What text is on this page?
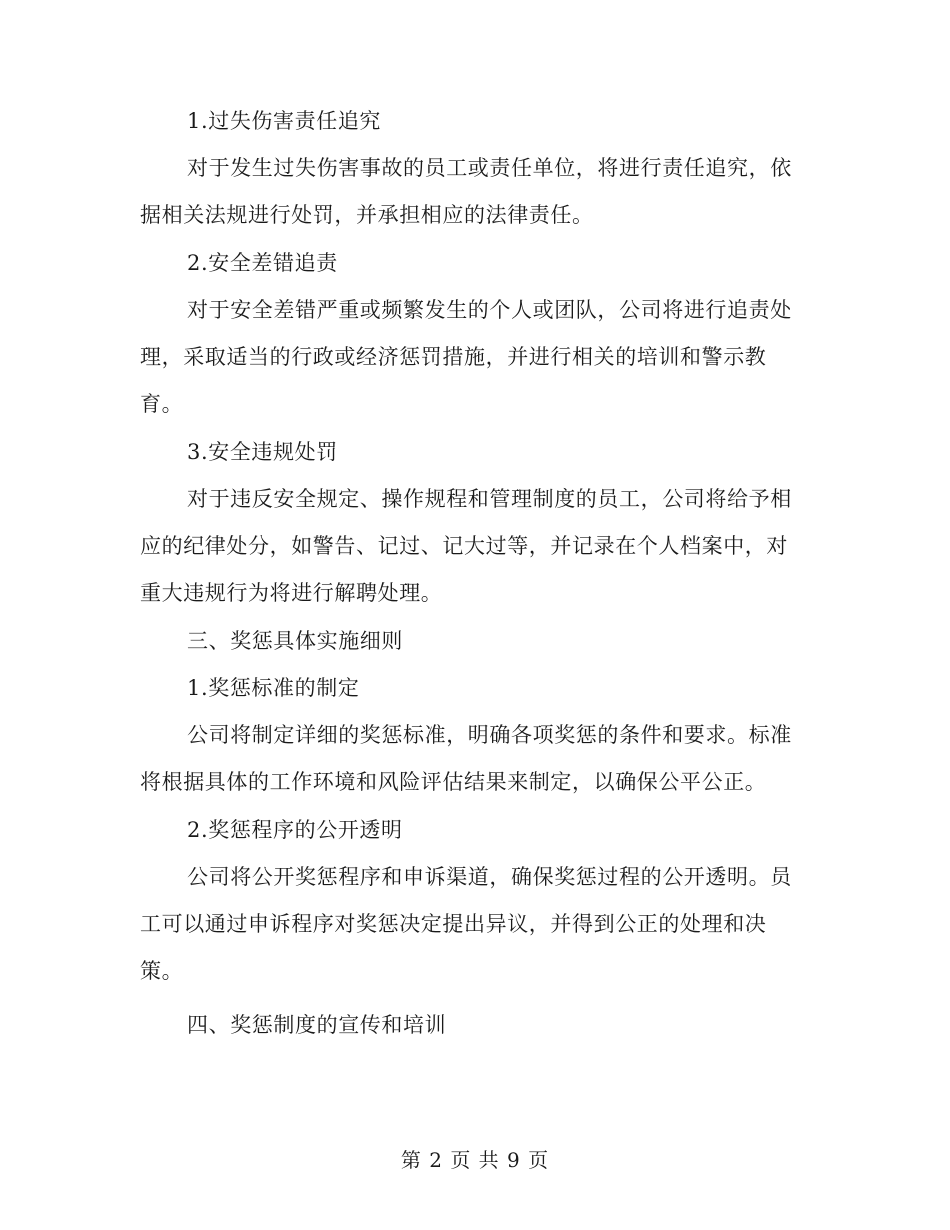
1.过失伤害责任追究
对于发生过失伤害事故的员工或责任单位，将进行责任追究，依
据相关法规进行处罚，并承担相应的法律责任。
2.安全差错追责
对于安全差错严重或频繁发生的个人或团队，公司将进行追责处
理，采取适当的行政或经济惩罚措施，并进行相关的培训和警示教
育。
3.安全违规处罚
对于违反安全规定、操作规程和管理制度的员工，公司将给予相
应的纪律处分，如警告、记过、记大过等，并记录在个人档案中，对
重大违规行为将进行解聘处理。
三、奖惩具体实施细则
1.奖惩标准的制定
公司将制定详细的奖惩标准，明确各项奖惩的条件和要求。标准
将根据具体的工作环境和风险评估结果来制定，以确保公平公正。
2.奖惩程序的公开透明
公司将公开奖惩程序和申诉渠道，确保奖惩过程的公开透明。员
工可以通过申诉程序对奖惩决定提出异议，并得到公正的处理和决
策。
四、奖惩制度的宣传和培训
第 2 页 共 9 页
